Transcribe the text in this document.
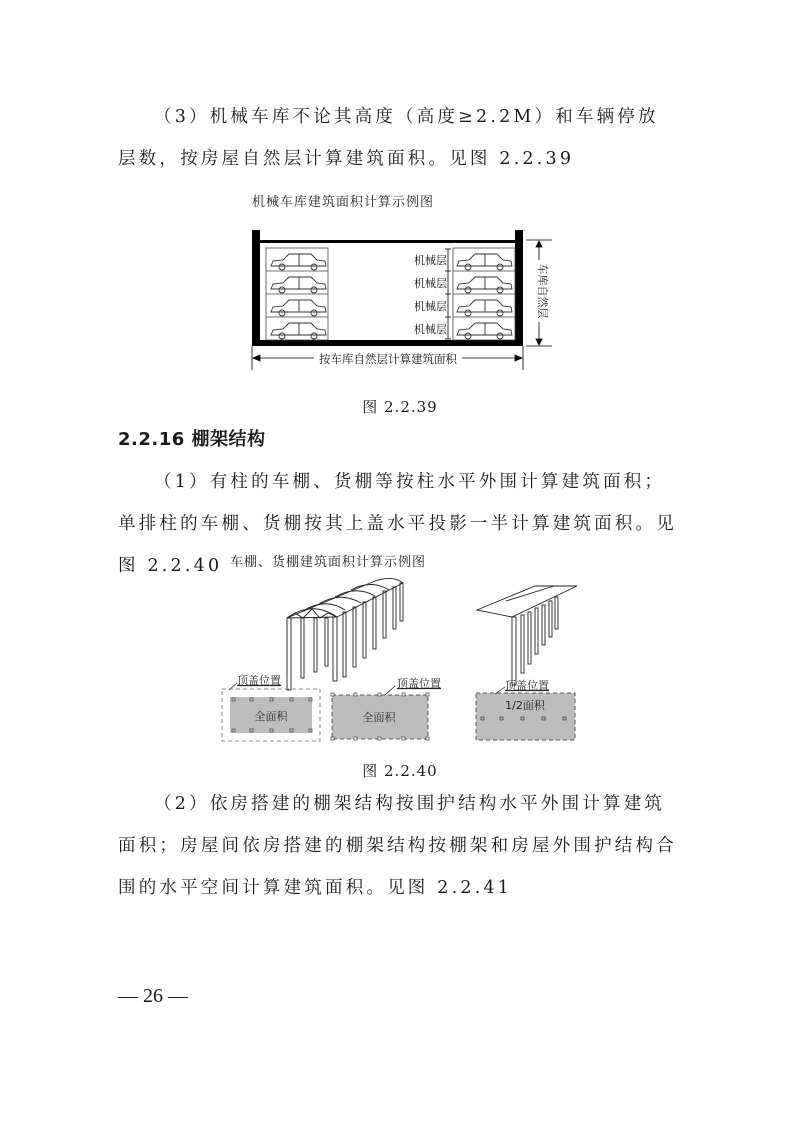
（3）机械车库不论其高度（高度≥2.2M）和车辆停放层数，按房屋自然层计算建筑面积。见图 2.2.39

机械车库建筑面积计算示例图
机械层
机械层
机械层
机械层
车库自然层
按车库自然层计算建筑面积
图 2.2.39
2.2.16 棚架结构

（1）有柱的车棚、货棚等按柱水平外围计算建筑面积；单排柱的车棚、货棚按其上盖水平投影一半计算建筑面积。见图 2.2.40 车棚、货棚建筑面积计算示例图
全面积
顶盖位置
全面积
顶盖位置
1/2面积
顶盖位置
图 2.2.40

（2）依房搭建的棚架结构按围护结构水平外围计算建筑面积；房屋间依房搭建的棚架结构按棚架和房屋外围护结构合围的水平空间计算建筑面积。见图 2.2.41

— 26 —
